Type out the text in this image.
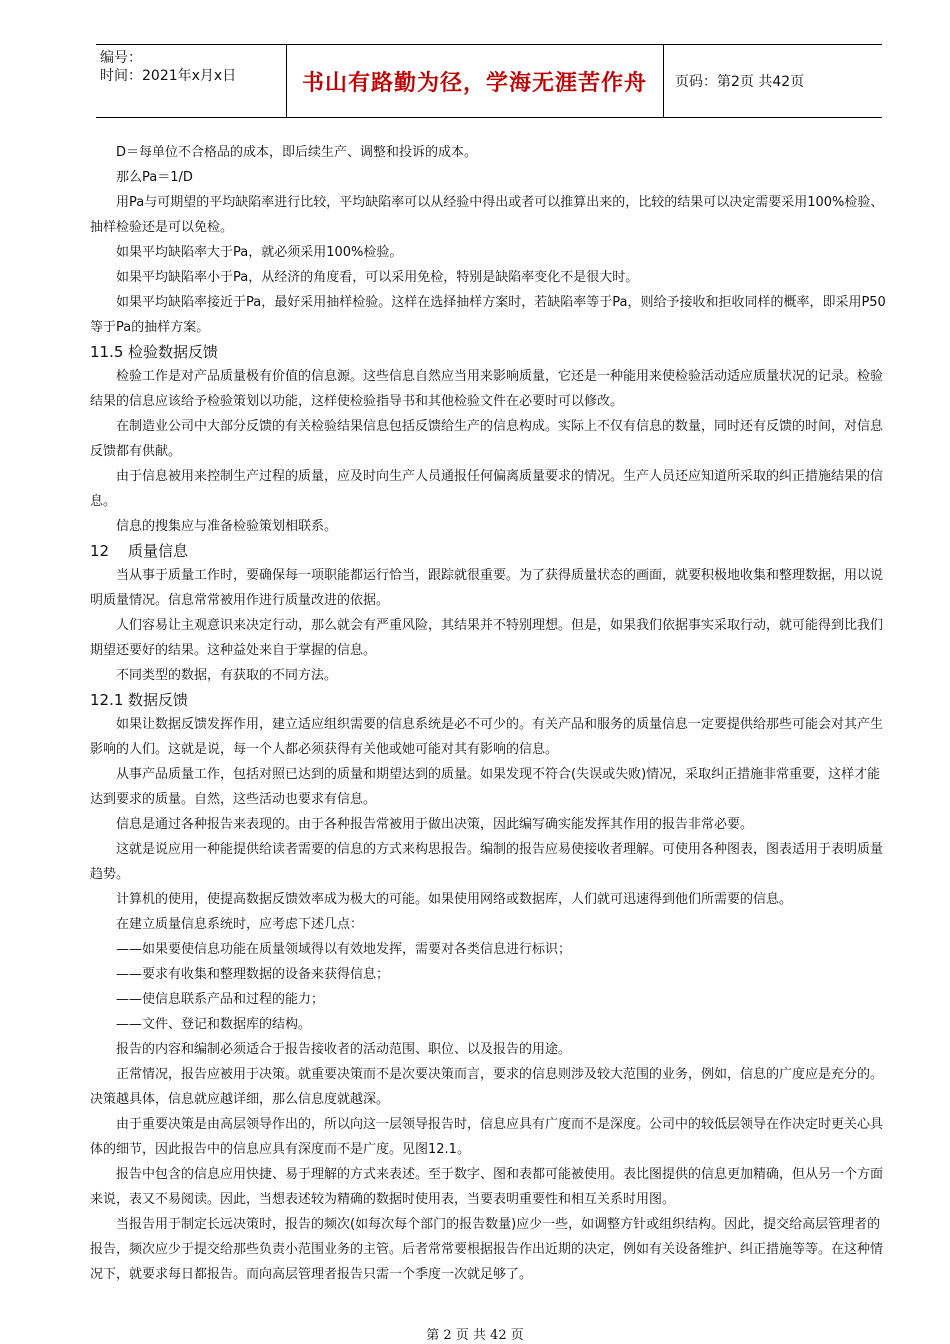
编号：
时间：2021年x月x日	书山有路勤为径，学海无涯苦作舟 页码：第2页 共42页

D＝每单位不合格品的成本，即后续生产、调整和投诉的成本。

那么Pa＝1/D

用Pa与可期望的平均缺陷率进行比较，平均缺陷率可以从经验中得出或者可以推算出来的，比较的结果可以决定需要采用100%检验、抽样检验还是可以免检。

如果平均缺陷率大于Pa，就必须采用100%检验。

如果平均缺陷率小于Pa，从经济的角度看，可以采用免检，特别是缺陷率变化不是很大时。

如果平均缺陷率接近于Pa，最好采用抽样检验。这样在选择抽样方案时，若缺陷率等于Pa，则给予接收和拒收同样的概率，即采用P50等于Pa的抽样方案。

11.5 检验数据反馈

检验工作是对产品质量极有价值的信息源。这些信息自然应当用来影响质量，它还是一种能用来使检验活动适应质量状况的记录。检验结果的信息应该给予检验策划以功能，这样使检验指导书和其他检验文件在必要时可以修改。

在制造业公司中大部分反馈的有关检验结果信息包括反馈给生产的信息构成。实际上不仅有信息的数量，同时还有反馈的时间，对信息反馈都有供献。

由于信息被用来控制生产过程的质量，应及时向生产人员通报任何偏离质量要求的情况。生产人员还应知道所采取的纠正措施结果的信息。

信息的搜集应与准备检验策划相联系。

12 质量信息

当从事于质量工作时，要确保每一项职能都运行恰当，跟踪就很重要。为了获得质量状态的画面，就要积极地收集和整理数据，用以说明质量情况。信息常常被用作进行质量改进的依据。

人们容易让主观意识来决定行动，那么就会有严重风险，其结果并不特别理想。但是，如果我们依据事实采取行动，就可能得到比我们期望还要好的结果。这种益处来自于掌握的信息。

不同类型的数据，有获取的不同方法。

12.1 数据反馈

如果让数据反馈发挥作用，建立适应组织需要的信息系统是必不可少的。有关产品和服务的质量信息一定要提供给那些可能会对其产生影响的人们。这就是说，每一个人都必须获得有关他或她可能对其有影响的信息。

从事产品质量工作，包括对照已达到的质量和期望达到的质量。如果发现不符合(失误或失败)情况，采取纠正措施非常重要，这样才能达到要求的质量。自然，这些活动也要求有信息。

信息是通过各种报告来表现的。由于各种报告常被用于做出决策，因此编写确实能发挥其作用的报告非常必要。

这就是说应用一种能提供给读者需要的信息的方式来构思报告。编制的报告应易使接收者理解。可使用各种图表，图表适用于表明质量趋势。

计算机的使用，使提高数据反馈效率成为极大的可能。如果使用网络或数据库，人们就可迅速得到他们所需要的信息。

在建立质量信息系统时，应考虑下述几点：

——如果要使信息功能在质量领域得以有效地发挥，需要对各类信息进行标识；

——要求有收集和整理数据的设备来获得信息；

——使信息联系产品和过程的能力；

——文件、登记和数据库的结构。

报告的内容和编制必须适合于报告接收者的活动范围、职位、以及报告的用途。

正常情况，报告应被用于决策。就重要决策而不是次要决策而言，要求的信息则涉及较大范围的业务，例如，信息的广度应是充分的。决策越具体，信息就应越详细，那么信息度就越深。

由于重要决策是由高层领导作出的，所以向这一层领导报告时，信息应具有广度而不是深度。公司中的较低层领导在作决定时更关心具体的细节，因此报告中的信息应具有深度而不是广度。见图12.1。

报告中包含的信息应用快捷、易于理解的方式来表述。至于数字、图和表都可能被使用。表比图提供的信息更加精确，但从另一个方面来说，表又不易阅读。因此，当想表述较为精确的数据时使用表，当要表明重要性和相互关系时用图。

当报告用于制定长远决策时，报告的频次(如每次每个部门的报告数量)应少一些，如调整方针或组织结构。因此，提交给高层管理者的报告，频次应少于提交给那些负责小范围业务的主管。后者常常要根据报告作出近期的决定，例如有关设备维护、纠正措施等等。在这种情况下，就要求每日都报告。而向高层管理者报告只需一个季度一次就足够了。

第 2 页 共 42 页
